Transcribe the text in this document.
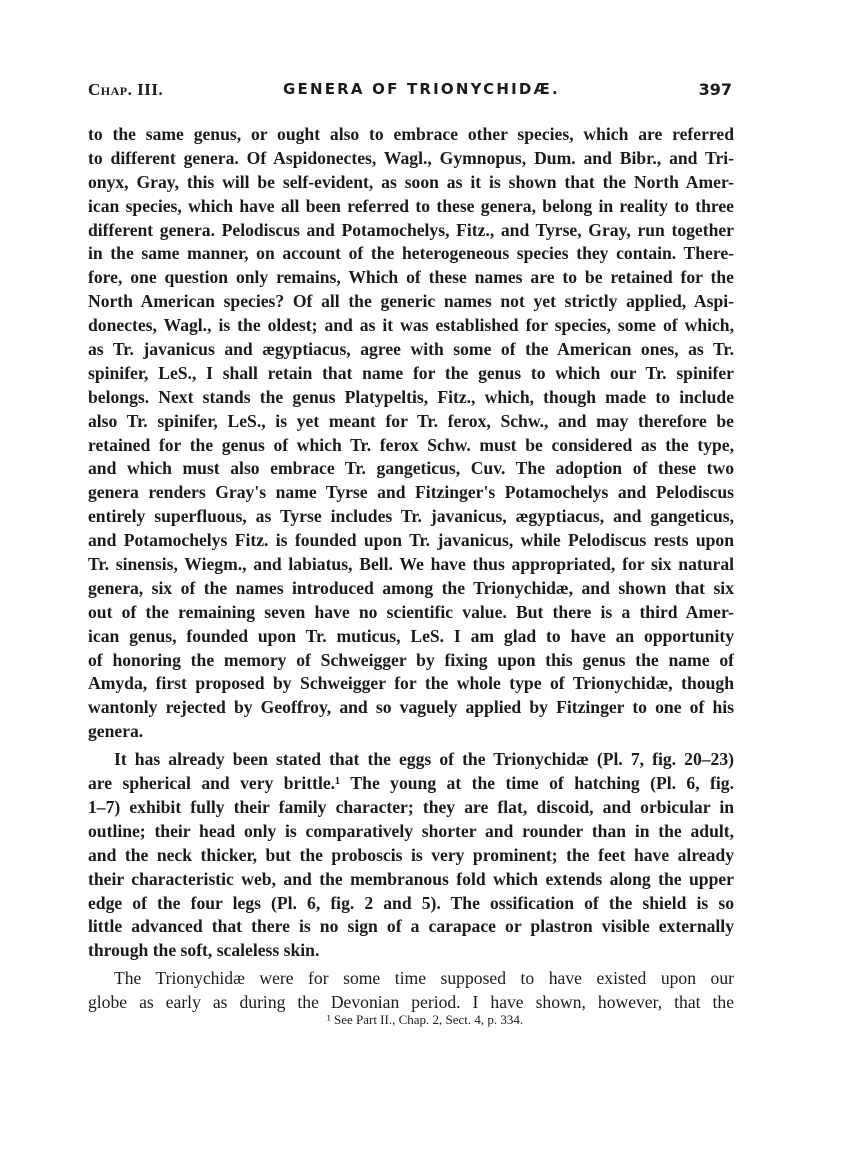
Chap. III.	GENERA OF TRIONYCHIDÆ.	397
to the same genus, or ought also to embrace other species, which are referred
to different genera. Of Aspidonectes, Wagl., Gymnopus, Dum. and Bibr., and Tri-
onyx, Gray, this will be self-evident, as soon as it is shown that the North Amer-
ican species, which have all been referred to these genera, belong in reality to three
different genera. Pelodiscus and Potamochelys, Fitz., and Tyrse, Gray, run together
in the same manner, on account of the heterogeneous species they contain. There-
fore, one question only remains, Which of these names are to be retained for the
North American species? Of all the generic names not yet strictly applied, Aspi-
donectes, Wagl., is the oldest; and as it was established for species, some of which,
as Tr. javanicus and ægyptiacus, agree with some of the American ones, as Tr.
spinifer, LeS., I shall retain that name for the genus to which our Tr. spinifer
belongs. Next stands the genus Platypeltis, Fitz., which, though made to include
also Tr. spinifer, LeS., is yet meant for Tr. ferox, Schw., and may therefore be
retained for the genus of which Tr. ferox Schw. must be considered as the type,
and which must also embrace Tr. gangeticus, Cuv. The adoption of these two
genera renders Gray's name Tyrse and Fitzinger's Potamochelys and Pelodiscus
entirely superfluous, as Tyrse includes Tr. javanicus, ægyptiacus, and gangeticus,
and Potamochelys Fitz. is founded upon Tr. javanicus, while Pelodiscus rests upon
Tr. sinensis, Wiegm., and labiatus, Bell. We have thus appropriated, for six natural
genera, six of the names introduced among the Trionychidæ, and shown that six
out of the remaining seven have no scientific value. But there is a third Amer-
ican genus, founded upon Tr. muticus, LeS. I am glad to have an opportunity
of honoring the memory of Schweigger by fixing upon this genus the name of
Amyda, first proposed by Schweigger for the whole type of Trionychidæ, though
wantonly rejected by Geoffroy, and so vaguely applied by Fitzinger to one of his
genera.
It has already been stated that the eggs of the Trionychidæ (Pl. 7, fig. 20–23)
are spherical and very brittle.¹ The young at the time of hatching (Pl. 6, fig.
1–7) exhibit fully their family character; they are flat, discoid, and orbicular in
outline; their head only is comparatively shorter and rounder than in the adult,
and the neck thicker, but the proboscis is very prominent; the feet have already
their characteristic web, and the membranous fold which extends along the upper
edge of the four legs (Pl. 6, fig. 2 and 5). The ossification of the shield is so
little advanced that there is no sign of a carapace or plastron visible externally
through the soft, scaleless skin.
The Trionychidæ were for some time supposed to have existed upon our
globe as early as during the Devonian period. I have shown, however, that the
¹ See Part II., Chap. 2, Sect. 4, p. 334.
